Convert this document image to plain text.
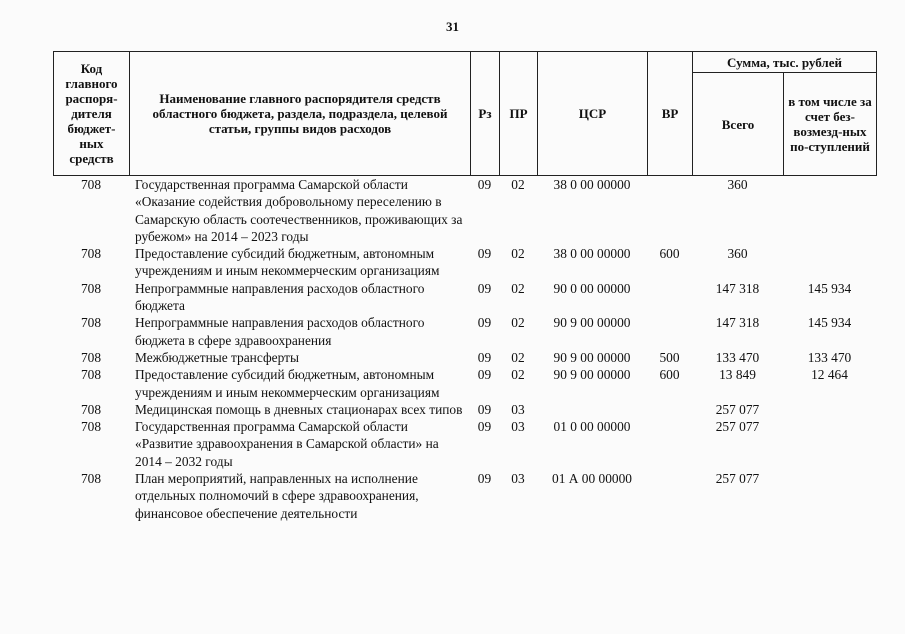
31
Код главного распоря-дителя бюджет-ных средств	Наименование главного распорядителя средств областного бюджета, раздела, подраздела, целевой статьи, группы видов расходов	Рз	ПР	ЦСР	ВР	Сумма, тыс. рублей	
						Всего	в том числе за счет без-возмезд-ных по-ступлений
708	Государственная программа Самарской области «Оказание содействия добровольному переселению в Самарскую область соотечественников, проживающих за рубежом» на 2014 – 2023 годы	09	02	38 0 00 00000		360	
708	Предоставление субсидий бюджетным, автономным учреждениям и иным некоммерческим организациям	09	02	38 0 00 00000	600	360	
708	Непрограммные направления расходов областного бюджета	09	02	90 0 00 00000		147 318	145 934
708	Непрограммные направления расходов областного бюджета в сфере здравоохранения	09	02	90 9 00 00000		147 318	145 934
708	Межбюджетные трансферты	09	02	90 9 00 00000	500	133 470	133 470
708	Предоставление субсидий бюджетным, автономным учреждениям и иным некоммерческим организациям	09	02	90 9 00 00000	600	13 849	12 464
708	Медицинская помощь в дневных стационарах всех типов	09	03			257 077	
708	Государственная программа Самарской области «Развитие здравоохранения в Самарской области» на 2014 – 2032 годы	09	03	01 0 00 00000		257 077	
708	План мероприятий, направленных на исполнение отдельных полномочий в сфере здравоохранения, финансовое обеспечение деятельности	09	03	01 А 00 00000		257 077	
